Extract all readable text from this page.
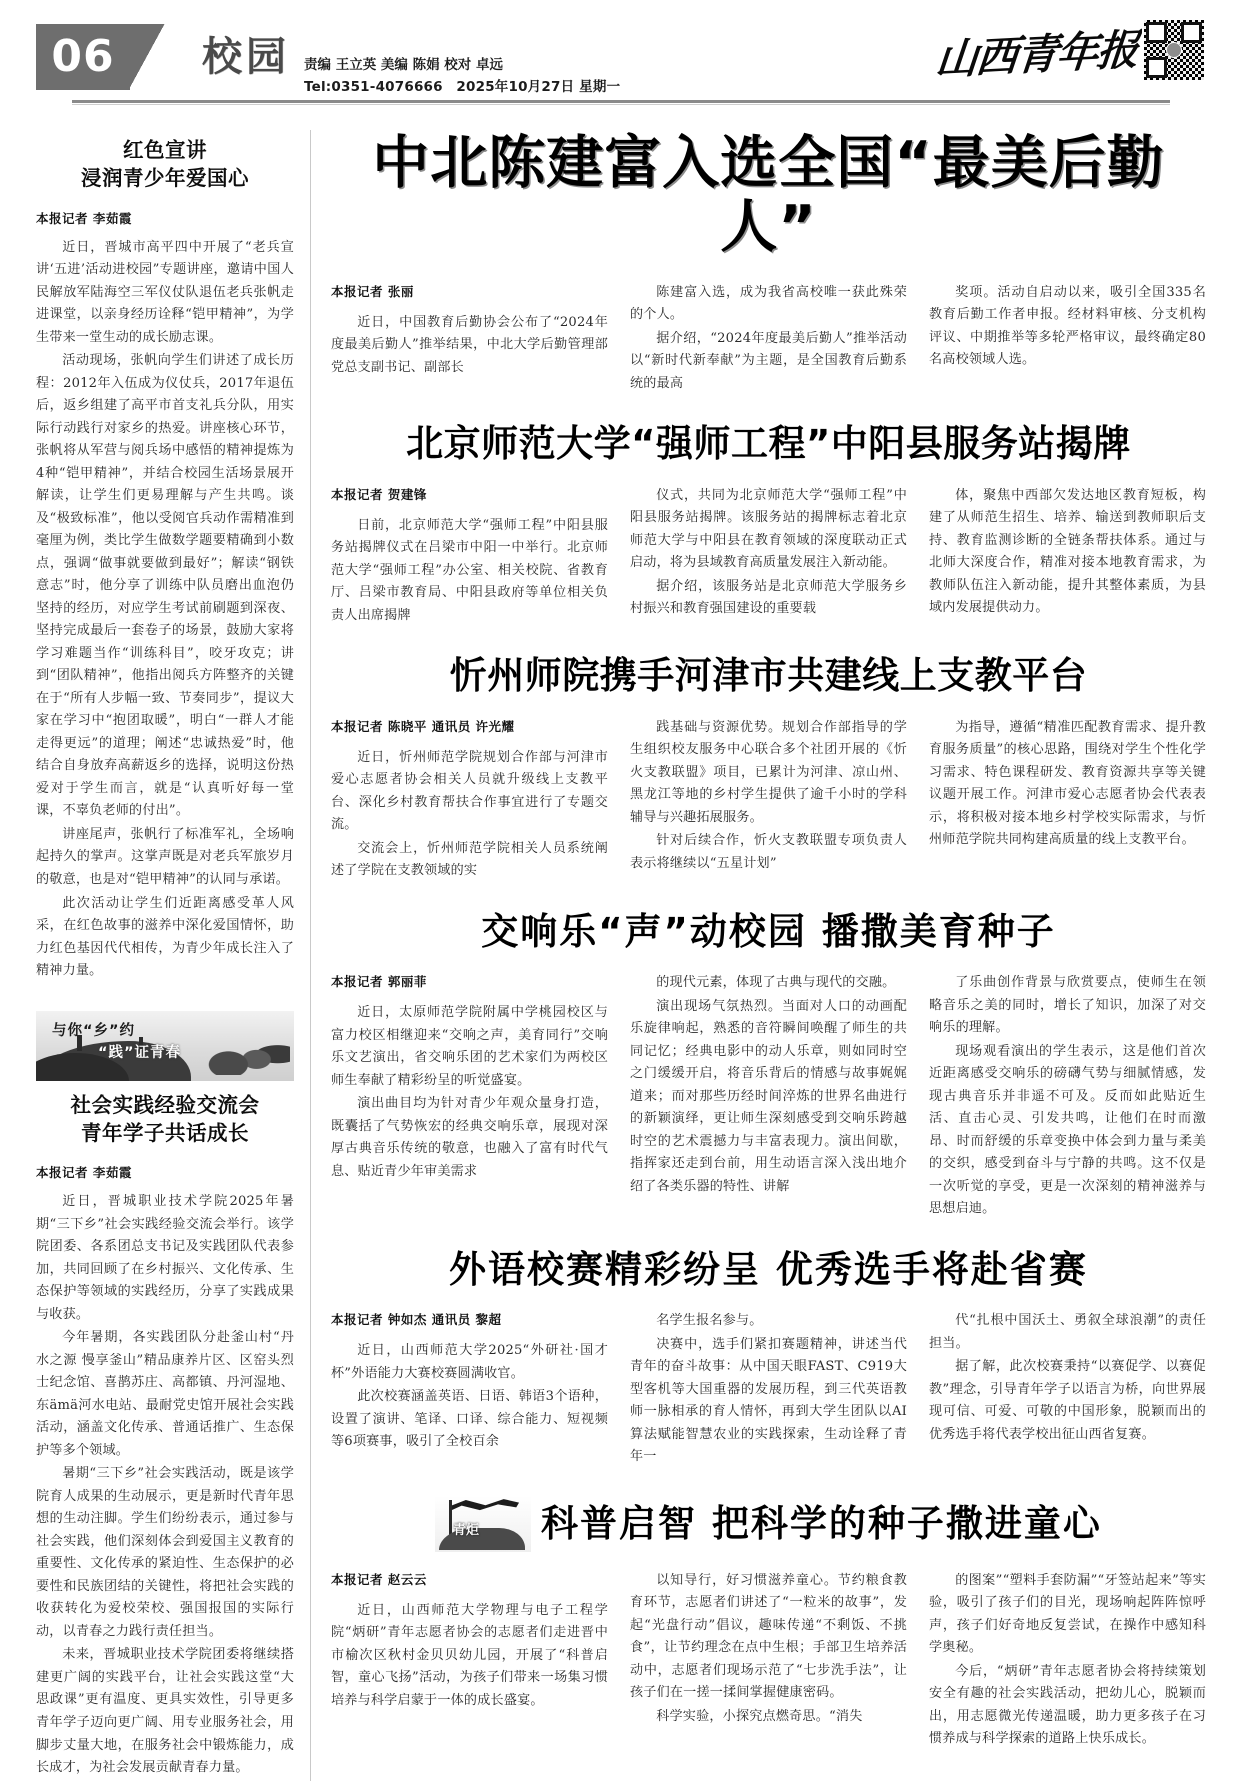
06 校园 责编 王立英 美编 陈娟 校对 卓远
Tel:0351-4076666　2025年10月27日 星期一
山西青年报
红色宣讲
浸润青少年爱国心
本报记者 李茹霞

近日，晋城市高平四中开展了“老兵宣讲‘五进’活动进校园”专题讲座，邀请中国人民解放军陆海空三军仪仗队退伍老兵张帆走进课堂，以亲身经历诠释“铠甲精神”，为学生带来一堂生动的成长励志课。

活动现场，张帆向学生们讲述了成长历程：2012年入伍成为仪仗兵，2017年退伍后，返乡组建了高平市首支礼兵分队，用实际行动践行对家乡的热爱。讲座核心环节，张帆将从军营与阅兵场中感悟的精神提炼为4种“铠甲精神”，并结合校园生活场景展开解读，让学生们更易理解与产生共鸣。谈及“极致标准”，他以受阅官兵动作需精准到毫厘为例，类比学生做数学题要精确到小数点，强调“做事就要做到最好”；解读“钢铁意志”时，他分享了训练中队员磨出血泡仍坚持的经历，对应学生考试前刷题到深夜、坚持完成最后一套卷子的场景，鼓励大家将学习难题当作“训练科目”，咬牙攻克；讲到“团队精神”，他指出阅兵方阵整齐的关键在于“所有人步幅一致、节奏同步”，提议大家在学习中“抱团取暖”，明白“一群人才能走得更远”的道理；阐述“忠诚热爱”时，他结合自身放弃高薪返乡的选择，说明这份热爱对于学生而言，就是“认真听好每一堂课，不辜负老师的付出”。

讲座尾声，张帆行了标准军礼，全场响起持久的掌声。这掌声既是对老兵军旅岁月的敬意，也是对“铠甲精神”的认同与承诺。

此次活动让学生们近距离感受革人风采，在红色故事的滋养中深化爱国情怀，助力红色基因代代相传，为青少年成长注入了精神力量。

与你“乡”约
“践”证青春
社会实践经验交流会
青年学子共话成长
本报记者 李茹霞

近日，晋城职业技术学院2025年暑期“三下乡”社会实践经验交流会举行。该学院团委、各系团总支书记及实践团队代表参加，共同回顾了在乡村振兴、文化传承、生态保护等领域的实践经历，分享了实践成果与收获。

今年暑期，各实践团队分赴釜山村“丹水之源 慢享釜山”精品康养片区、区窑头烈士纪念馆、喜鹊苏庄、高都镇、丹河湿地、东ämä河水电站、最耐党史馆开展社会实践活动，涵盖文化传承、普通话推广、生态保护等多个领域。

暑期“三下乡”社会实践活动，既是该学院育人成果的生动展示，更是新时代青年思想的生动注脚。学生们纷纷表示，通过参与社会实践，他们深刻体会到爱国主义教育的重要性、文化传承的紧迫性、生态保护的必要性和民族团结的关键性，将把社会实践的收获转化为爱校荣校、强国报国的实际行动，以青春之力践行责任担当。

未来，晋城职业技术学院团委将继续搭建更广阔的实践平台，让社会实践这堂“大思政课”更有温度、更具实效性，引导更多青年学子迈向更广阔、用专业服务社会，用脚步丈量大地，在服务社会中锻炼能力，成长成才，为社会发展贡献青春力量。

中北陈建富入选全国“最美后勤人”
本报记者 张丽

近日，中国教育后勤协会公布了“2024年度最美后勤人”推举结果，中北大学后勤管理部党总支副书记、副部长

陈建富入选，成为我省高校唯一获此殊荣的个人。

据介绍，“2024年度最美后勤人”推举活动以“新时代新奉献”为主题，是全国教育后勤系统的最高

奖项。活动自启动以来，吸引全国335名教育后勤工作者申报。经材料审核、分支机构评议、中期推举等多轮严格审议，最终确定80名高校领域人选。

北京师范大学“强师工程”中阳县服务站揭牌
本报记者 贺建锋

日前，北京师范大学“强师工程”中阳县服务站揭牌仪式在吕梁市中阳一中举行。北京师范大学“强师工程”办公室、相关校院、省教育厅、吕梁市教育局、中阳县政府等单位相关负责人出席揭牌

仪式，共同为北京师范大学“强师工程”中阳县服务站揭牌。该服务站的揭牌标志着北京师范大学与中阳县在教育领域的深度联动正式启动，将为县域教育高质量发展注入新动能。

据介绍，该服务站是北京师范大学服务乡村振兴和教育强国建设的重要载

体，聚焦中西部欠发达地区教育短板，构建了从师范生招生、培养、输送到教师职后支持、教育监测诊断的全链条帮扶体系。通过与北师大深度合作，精准对接本地教育需求，为教师队伍注入新动能，提升其整体素质，为县域内发展提供动力。

忻州师院携手河津市共建线上支教平台
本报记者 陈晓平 通讯员 许光耀

近日，忻州师范学院规划合作部与河津市爱心志愿者协会相关人员就升级线上支教平台、深化乡村教育帮扶合作事宜进行了专题交流。

交流会上，忻州师范学院相关人员系统阐述了学院在支教领域的实

践基础与资源优势。规划合作部指导的学生组织校友服务中心联合多个社团开展的《忻火支教联盟》项目，已累计为河津、凉山州、黑龙江等地的乡村学生提供了逾千小时的学科辅导与兴趣拓展服务。

针对后续合作，忻火支教联盟专项负责人表示将继续以“五星计划”

为指导，遵循“精准匹配教育需求、提升教育服务质量”的核心思路，围绕对学生个性化学习需求、特色课程研发、教育资源共享等关键议题开展工作。河津市爱心志愿者协会代表表示，将积极对接本地乡村学校实际需求，与忻州师范学院共同构建高质量的线上支教平台。

交响乐“声”动校园 播撒美育种子
本报记者 郭丽菲

近日，太原师范学院附属中学桃园校区与富力校区相继迎来“交响之声，美育同行”交响乐文艺演出，省交响乐团的艺术家们为两校区师生奉献了精彩纷呈的听觉盛宴。

演出曲目均为针对青少年观众量身打造，既囊括了气势恢宏的经典交响乐章，展现对深厚古典音乐传统的敬意，也融入了富有时代气息、贴近青少年审美需求

的现代元素，体现了古典与现代的交融。

演出现场气氛热烈。当面对人口的动画配乐旋律响起，熟悉的音符瞬间唤醒了师生的共同记忆；经典电影中的动人乐章，则如同时空之门缓缓开启，将音乐背后的情感与故事娓娓道来；而对那些历经时间淬炼的世界名曲进行的新颖演绎，更让师生深刻感受到交响乐跨越时空的艺术震撼力与丰富表现力。演出间歇，指挥家还走到台前，用生动语言深入浅出地介绍了各类乐器的特性、讲解

了乐曲创作背景与欣赏要点，使师生在领略音乐之美的同时，增长了知识，加深了对交响乐的理解。

现场观看演出的学生表示，这是他们首次近距离感受交响乐的磅礴气势与细腻情感，发现古典音乐并非遥不可及。反而如此贴近生活、直击心灵、引发共鸣，让他们在时而激昂、时而舒缓的乐章变换中体会到力量与柔美的交织，感受到奋斗与宁静的共鸣。这不仅是一次听觉的享受，更是一次深刻的精神滋养与思想启迪。

外语校赛精彩纷呈 优秀选手将赴省赛
本报记者 钟如杰 通讯员 黎超

近日，山西师范大学2025“外研社·国才杯”外语能力大赛校赛圆满收官。

此次校赛涵盖英语、日语、韩语3个语种，设置了演讲、笔译、口译、综合能力、短视频等6项赛事，吸引了全校百余

名学生报名参与。

决赛中，选手们紧扣赛题精神，讲述当代青年的奋斗故事：从中国天眼FAST、C919大型客机等大国重器的发展历程，到三代英语教师一脉相承的育人情怀，再到大学生团队以AI算法赋能智慧农业的实践探索，生动诠释了青年一

代“扎根中国沃土、勇叙全球浪潮”的责任担当。

据了解，此次校赛秉持“以赛促学、以赛促教”理念，引导青年学子以语言为桥，向世界展现可信、可爱、可敬的中国形象，脱颖而出的优秀选手将代表学校出征山西省复赛。

青炬 科普启智 把科学的种子撒进童心
本报记者 赵云云

近日，山西师范大学物理与电子工程学院“炳研”青年志愿者协会的志愿者们走进晋中市榆次区秋村金贝贝幼儿园，开展了“科普启智，童心飞扬”活动，为孩子们带来一场集习惯培养与科学启蒙于一体的成长盛宴。

以知导行，好习惯滋养童心。节约粮食教育环节，志愿者们讲述了“一粒米的故事”，发起“光盘行动”倡议，趣味传递“不剩饭、不挑食”，让节约理念在点中生根；手部卫生培养活动中，志愿者们现场示范了“七步洗手法”，让孩子们在一搓一揉间掌握健康密码。

科学实验，小探究点燃奇思。“消失

的图案”“塑料手套防漏”“牙签站起来”等实验，吸引了孩子们的目光，现场响起阵阵惊呼声，孩子们好奇地反复尝试，在操作中感知科学奥秘。

今后，“炳研”青年志愿者协会将持续策划安全有趣的社会实践活动，把幼儿心，脱颖而出，用志愿微光传递温暖，助力更多孩子在习惯养成与科学探索的道路上快乐成长。
